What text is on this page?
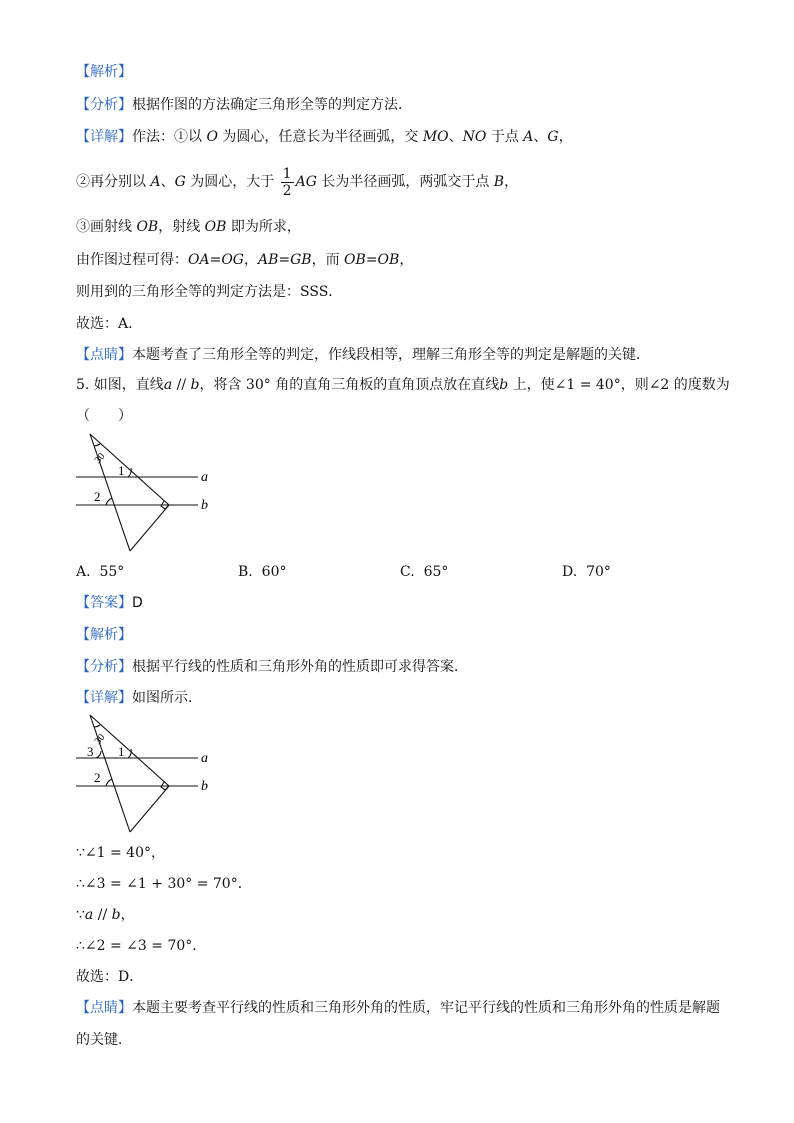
【解析】
【分析】根据作图的方法确定三角形全等的判定方法．
【详解】作法：①以 O 为圆心，任意长为半径画弧，交 MO、NO 于点 A、G，
②再分别以 A、G 为圆心，大于 $\frac{1}{2}$ AG 长为半径画弧，两弧交于点 B，
③画射线 OB，射线 OB 即为所求，
由作图过程可得：OA=OG，AB=GB，而 OB=OB，
则用到的三角形全等的判定方法是：SSS．
故选：A．
【点睛】本题考查了三角形全等的判定，作线段相等，理解三角形全等的判定是解题的关键．
5. 如图，直线a // b，将含 30° 角的直角三角板的直角顶点放在直线b 上，使∠1 = 40°，则∠2 的度数为
（　　）
30
1
2
a
b
A. 55°	B. 60°	C. 65°	D. 70°
【答案】D
【解析】
【分析】根据平行线的性质和三角形外角的性质即可求得答案．
【详解】如图所示．
30
1
2
3	a
b
∵∠1 = 40°，
∴∠3 = ∠1 + 30° = 70°．
∵a // b，
∴∠2 = ∠3 = 70°．
故选：D．
【点睛】本题主要考查平行线的性质和三角形外角的性质，牢记平行线的性质和三角形外角的性质是解题
的关键．
